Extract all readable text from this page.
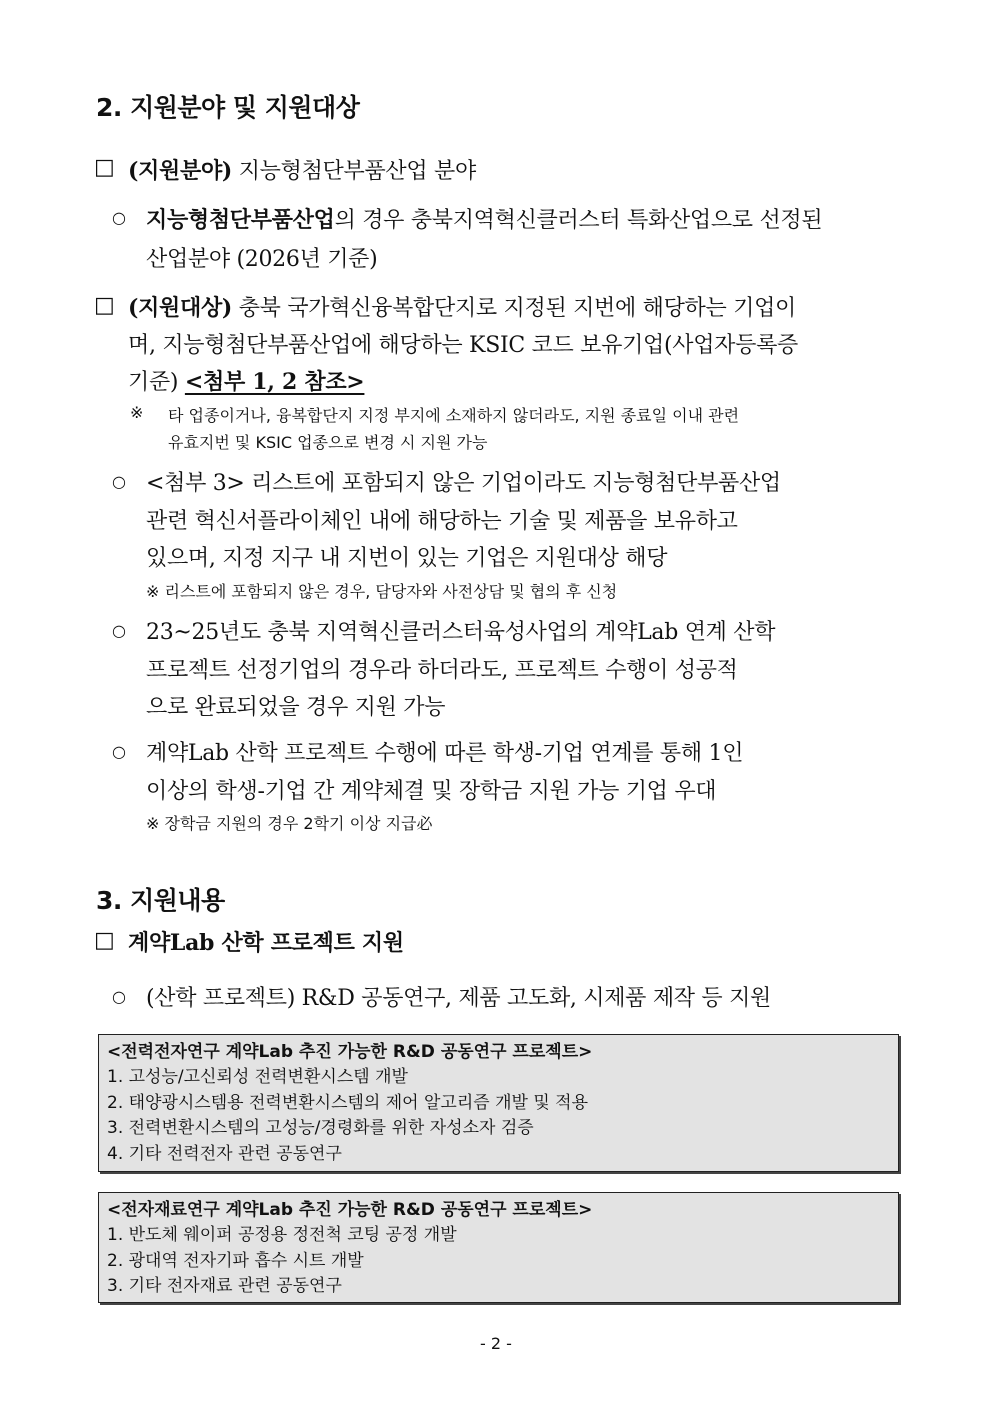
2. 지원분야 및 지원대상
□ (지원분야) 지능형첨단부품산업 분야
○ 지능형첨단부품산업의 경우 충북지역혁신클러스터 특화산업으로 선정된
산업분야 (2026년 기준)
□ (지원대상) 충북 국가혁신융복합단지로 지정된 지번에 해당하는 기업이
며, 지능형첨단부품산업에 해당하는 KSIC 코드 보유기업(사업자등록증
기준) <첨부 1, 2 참조>
※ 타 업종이거나, 융복합단지 지정 부지에 소재하지 않더라도, 지원 종료일 이내 관련
유효지번 및 KSIC 업종으로 변경 시 지원 가능
○ <첨부 3> 리스트에 포함되지 않은 기업이라도 지능형첨단부품산업
관련 혁신서플라이체인 내에 해당하는 기술 및 제품을 보유하고
있으며, 지정 지구 내 지번이 있는 기업은 지원대상 해당
※ 리스트에 포함되지 않은 경우, 담당자와 사전상담 및 협의 후 신청
○ 23~25년도 충북 지역혁신클러스터육성사업의 계약Lab 연계 산학
프로젝트 선정기업의 경우라 하더라도, 프로젝트 수행이 성공적
으로 완료되었을 경우 지원 가능
○ 계약Lab 산학 프로젝트 수행에 따른 학생-기업 연계를 통해 1인
이상의 학생-기업 간 계약체결 및 장학금 지원 가능 기업 우대
※ 장학금 지원의 경우 2학기 이상 지급必
3. 지원내용
□ 계약Lab 산학 프로젝트 지원
○ (산학 프로젝트) R&D 공동연구, 제품 고도화, 시제품 제작 등 지원
<전력전자연구 계약Lab 추진 가능한 R&D 공동연구 프로젝트>
1. 고성능/고신뢰성 전력변환시스템 개발
2. 태양광시스템용 전력변환시스템의 제어 알고리즘 개발 및 적용
3. 전력변환시스템의 고성능/경령화를 위한 자성소자 검증
4. 기타 전력전자 관련 공동연구
<전자재료연구 계약Lab 추진 가능한 R&D 공동연구 프로젝트>
1. 반도체 웨이퍼 공정용 정전척 코팅 공정 개발
2. 광대역 전자기파 흡수 시트 개발
3. 기타 전자재료 관련 공동연구
- 2 -
